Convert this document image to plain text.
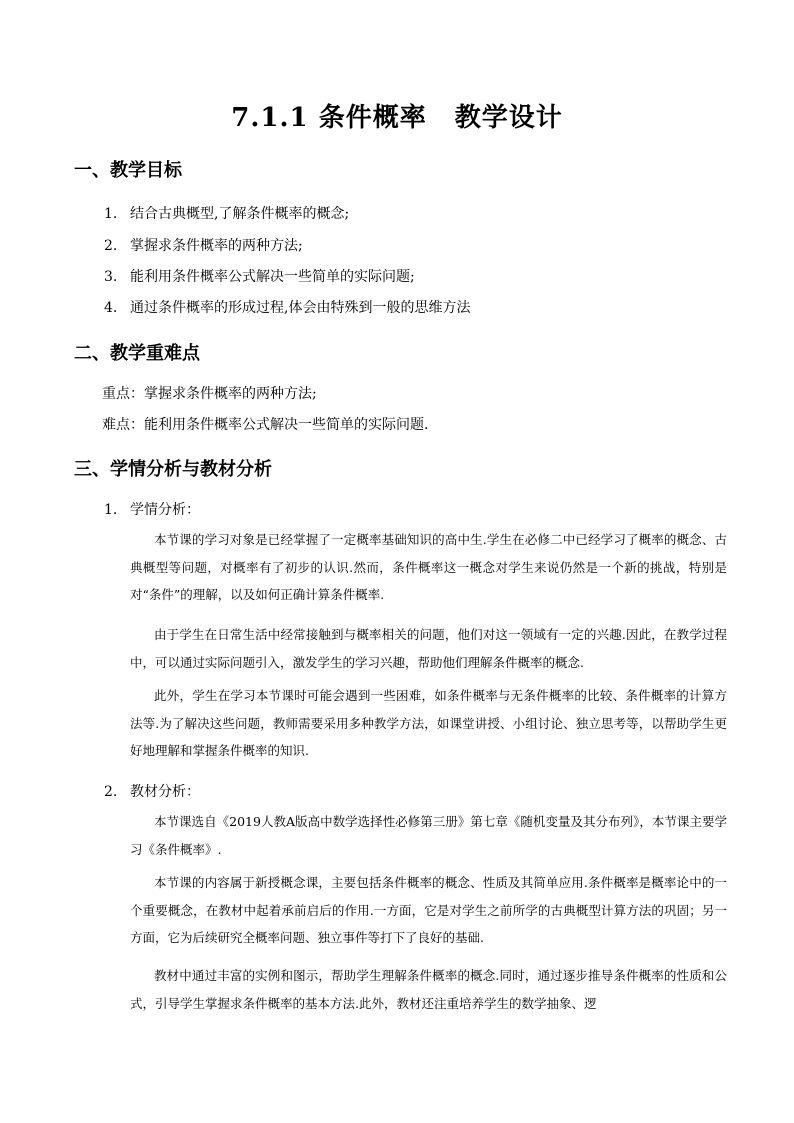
7.1.1 条件概率 教学设计
一、教学目标
1. 结合古典概型,了解条件概率的概念;
2. 掌握求条件概率的两种方法;
3. 能利用条件概率公式解决一些简单的实际问题;
4. 通过条件概率的形成过程,体会由特殊到一般的思维方法
二、教学重难点
重点：掌握求条件概率的两种方法;
难点：能利用条件概率公式解决一些简单的实际问题.
三、学情分析与教材分析
1. 学情分析：

本节课的学习对象是已经掌握了一定概率基础知识的高中生.学生在必修二中已经学习了概率的概念、古典概型等问题，对概率有了初步的认识.然而，条件概率这一概念对学生来说仍然是一个新的挑战，特别是对“条件”的理解，以及如何正确计算条件概率.

由于学生在日常生活中经常接触到与概率相关的问题，他们对这一领域有一定的兴趣.因此，在教学过程中，可以通过实际问题引入，激发学生的学习兴趣，帮助他们理解条件概率的概念.

此外，学生在学习本节课时可能会遇到一些困难，如条件概率与无条件概率的比较、条件概率的计算方法等.为了解决这些问题，教师需要采用多种教学方法，如课堂讲授、小组讨论、独立思考等，以帮助学生更好地理解和掌握条件概率的知识.

2. 教材分析：

本节课选自《2019人教A版高中数学选择性必修第三册》第七章《随机变量及其分布列》，本节课主要学习《条件概率》.

本节课的内容属于新授概念课，主要包括条件概率的概念、性质及其简单应用.条件概率是概率论中的一个重要概念，在教材中起着承前启后的作用.一方面，它是对学生之前所学的古典概型计算方法的巩固；另一方面，它为后续研究全概率问题、独立事件等打下了良好的基础.

教材中通过丰富的实例和图示，帮助学生理解条件概率的概念.同时，通过逐步推导条件概率的性质和公式，引导学生掌握求条件概率的基本方法.此外，教材还注重培养学生的数学抽象、逻
